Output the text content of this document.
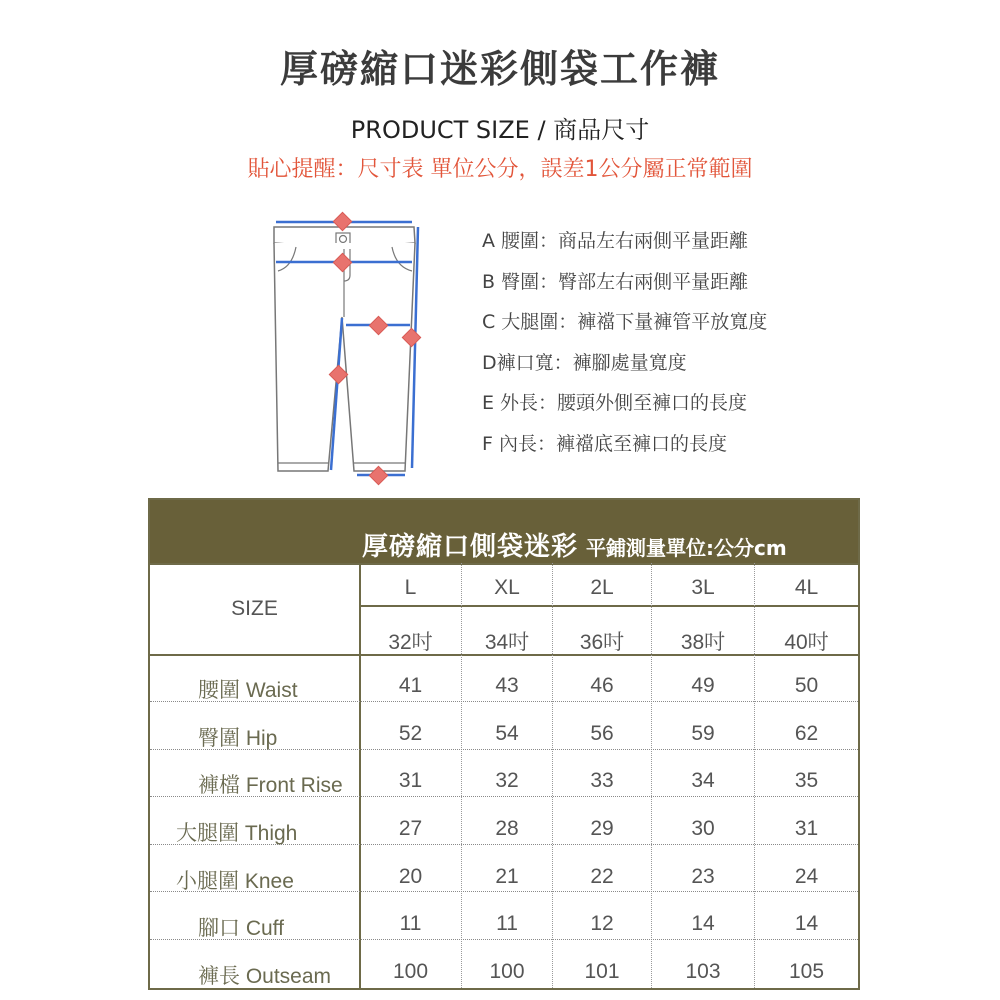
厚磅縮口迷彩側袋工作褲
PRODUCT SIZE / 商品尺寸
貼心提醒：尺寸表 單位公分，誤差1公分屬正常範圍
A 腰圍：商品左右兩側平量距離
B 臀圍：臀部左右兩側平量距離
C 大腿圍：褲襠下量褲管平放寬度
D褲口寬：褲腳處量寬度
E 外長：腰頭外側至褲口的長度
F 內長：褲襠底至褲口的長度
厚磅縮口側袋迷彩 平鋪測量單位:公分cm
SIZE
L	XL	2L	3L	4L
32吋	34吋	36吋	38吋	40吋
腰圍 Waist	41	43	46	49	50
臀圍 Hip	52	54	56	59	62
褲檔 Front Rise	31	32	33	34	35
大腿圍 Thigh	27	28	29	30	31
小腿圍 Knee	20	21	22	23	24
腳口 Cuff	11	11	12	14	14
褲長 Outseam	100	100	101	103	105
